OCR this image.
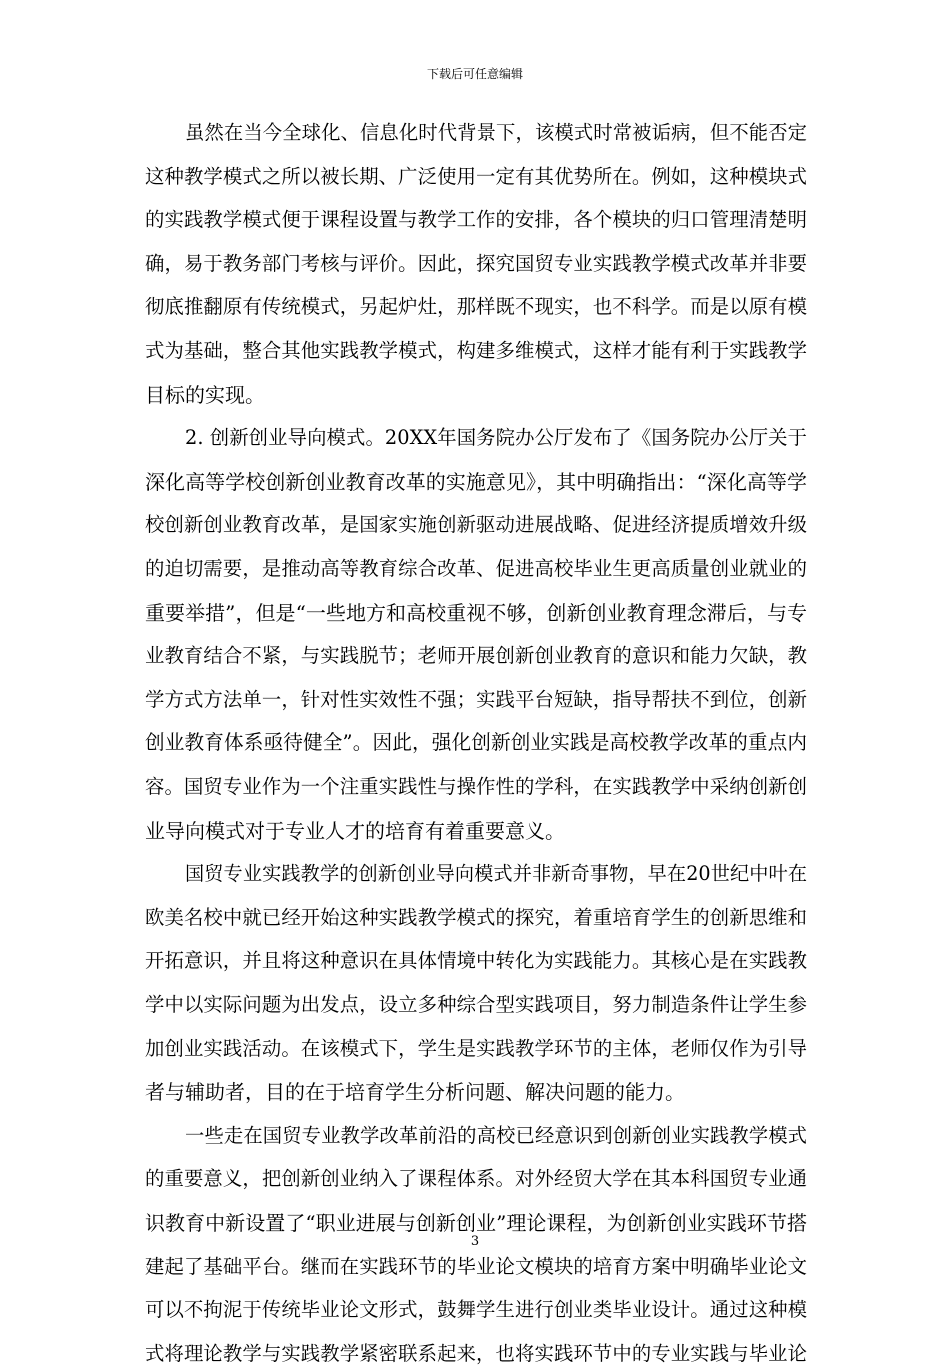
下载后可任意编辑
虽然在当今全球化、信息化时代背景下，该模式时常被诟病，但不能否定
这种教学模式之所以被长期、广泛使用一定有其优势所在。例如，这种模块式
的实践教学模式便于课程设置与教学工作的安排，各个模块的归口管理清楚明
确，易于教务部门考核与评价。因此，探究国贸专业实践教学模式改革并非要
彻底推翻原有传统模式，另起炉灶，那样既不现实，也不科学。而是以原有模
式为基础，整合其他实践教学模式，构建多维模式，这样才能有利于实践教学
目标的实现。
2. 创新创业导向模式。20XX年国务院办公厅发布了《国务院办公厅关于
深化高等学校创新创业教育改革的实施意见》，其中明确指出：“深化高等学
校创新创业教育改革，是国家实施创新驱动进展战略、促进经济提质增效升级
的迫切需要，是推动高等教育综合改革、促进高校毕业生更高质量创业就业的
重要举措”，但是“一些地方和高校重视不够，创新创业教育理念滞后，与专
业教育结合不紧，与实践脱节；老师开展创新创业教育的意识和能力欠缺，教
学方式方法单一，针对性实效性不强；实践平台短缺，指导帮扶不到位，创新
创业教育体系亟待健全”。因此，强化创新创业实践是高校教学改革的重点内
容。国贸专业作为一个注重实践性与操作性的学科，在实践教学中采纳创新创
业导向模式对于专业人才的培育有着重要意义。
国贸专业实践教学的创新创业导向模式并非新奇事物，早在20世纪中叶在
欧美名校中就已经开始这种实践教学模式的探究，着重培育学生的创新思维和
开拓意识，并且将这种意识在具体情境中转化为实践能力。其核心是在实践教
学中以实际问题为出发点，设立多种综合型实践项目，努力制造条件让学生参
加创业实践活动。在该模式下，学生是实践教学环节的主体，老师仅作为引导
者与辅助者，目的在于培育学生分析问题、解决问题的能力。
一些走在国贸专业教学改革前沿的高校已经意识到创新创业实践教学模式
的重要意义，把创新创业纳入了课程体系。对外经贸大学在其本科国贸专业通
识教育中新设置了“职业进展与创新创业”理论课程，为创新创业实践环节搭
建起了基础平台。继而在实践环节的毕业论文模块的培育方案中明确毕业论文
可以不拘泥于传统毕业论文形式，鼓舞学生进行创业类毕业设计。通过这种模
式将理论教学与实践教学紧密联系起来，也将实践环节中的专业实践与毕业论
3
